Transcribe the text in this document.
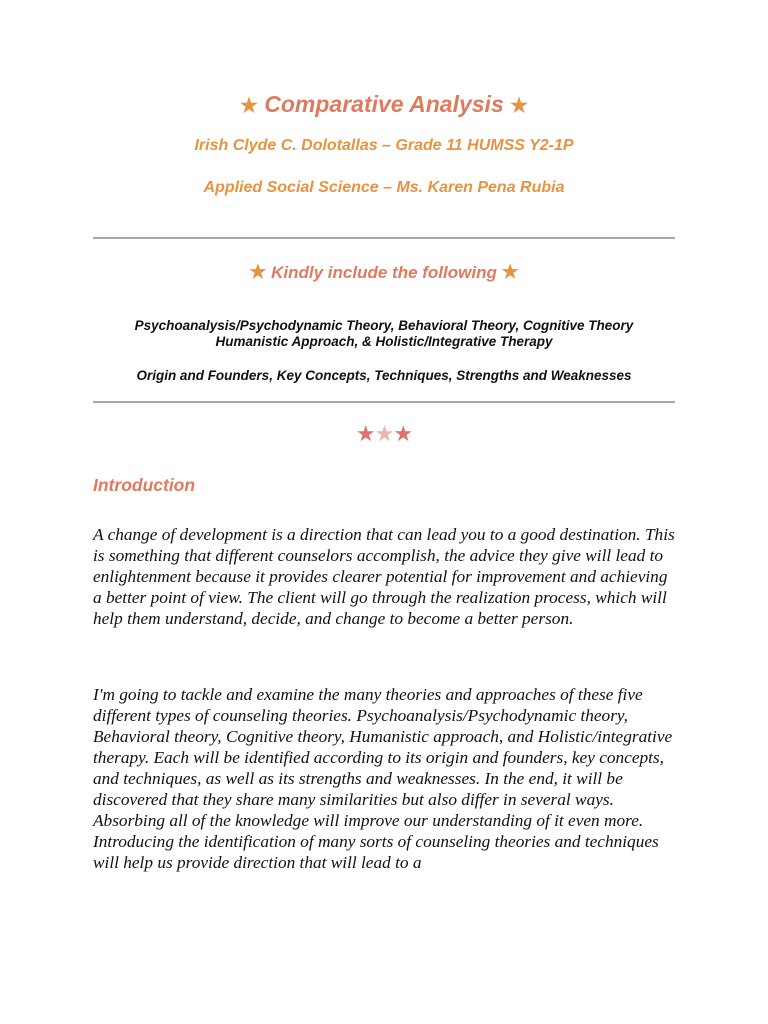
★ Comparative Analysis ★
Irish Clyde C. Dolotallas – Grade 11 HUMSS Y2-1P
Applied Social Science – Ms. Karen Pena Rubia
★ Kindly include the following ★
Psychoanalysis/Psychodynamic Theory, Behavioral Theory, Cognitive Theory
Humanistic Approach, & Holistic/Integrative Therapy
Origin and Founders, Key Concepts, Techniques, Strengths and Weaknesses
★★★
Introduction

A change of development is a direction that can lead you to a good destination. This is something that different counselors accomplish, the advice they give will lead to enlightenment because it provides clearer potential for improvement and achieving a better point of view. The client will go through the realization process, which will help them understand, decide, and change to become a better person.

I'm going to tackle and examine the many theories and approaches of these five different types of counseling theories. Psychoanalysis/Psychodynamic theory, Behavioral theory, Cognitive theory, Humanistic approach, and Holistic/integrative therapy. Each will be identified according to its origin and founders, key concepts, and techniques, as well as its strengths and weaknesses. In the end, it will be discovered that they share many similarities but also differ in several ways. Absorbing all of the knowledge will improve our understanding of it even more. Introducing the identification of many sorts of counseling theories and techniques will help us provide direction that will lead to a
